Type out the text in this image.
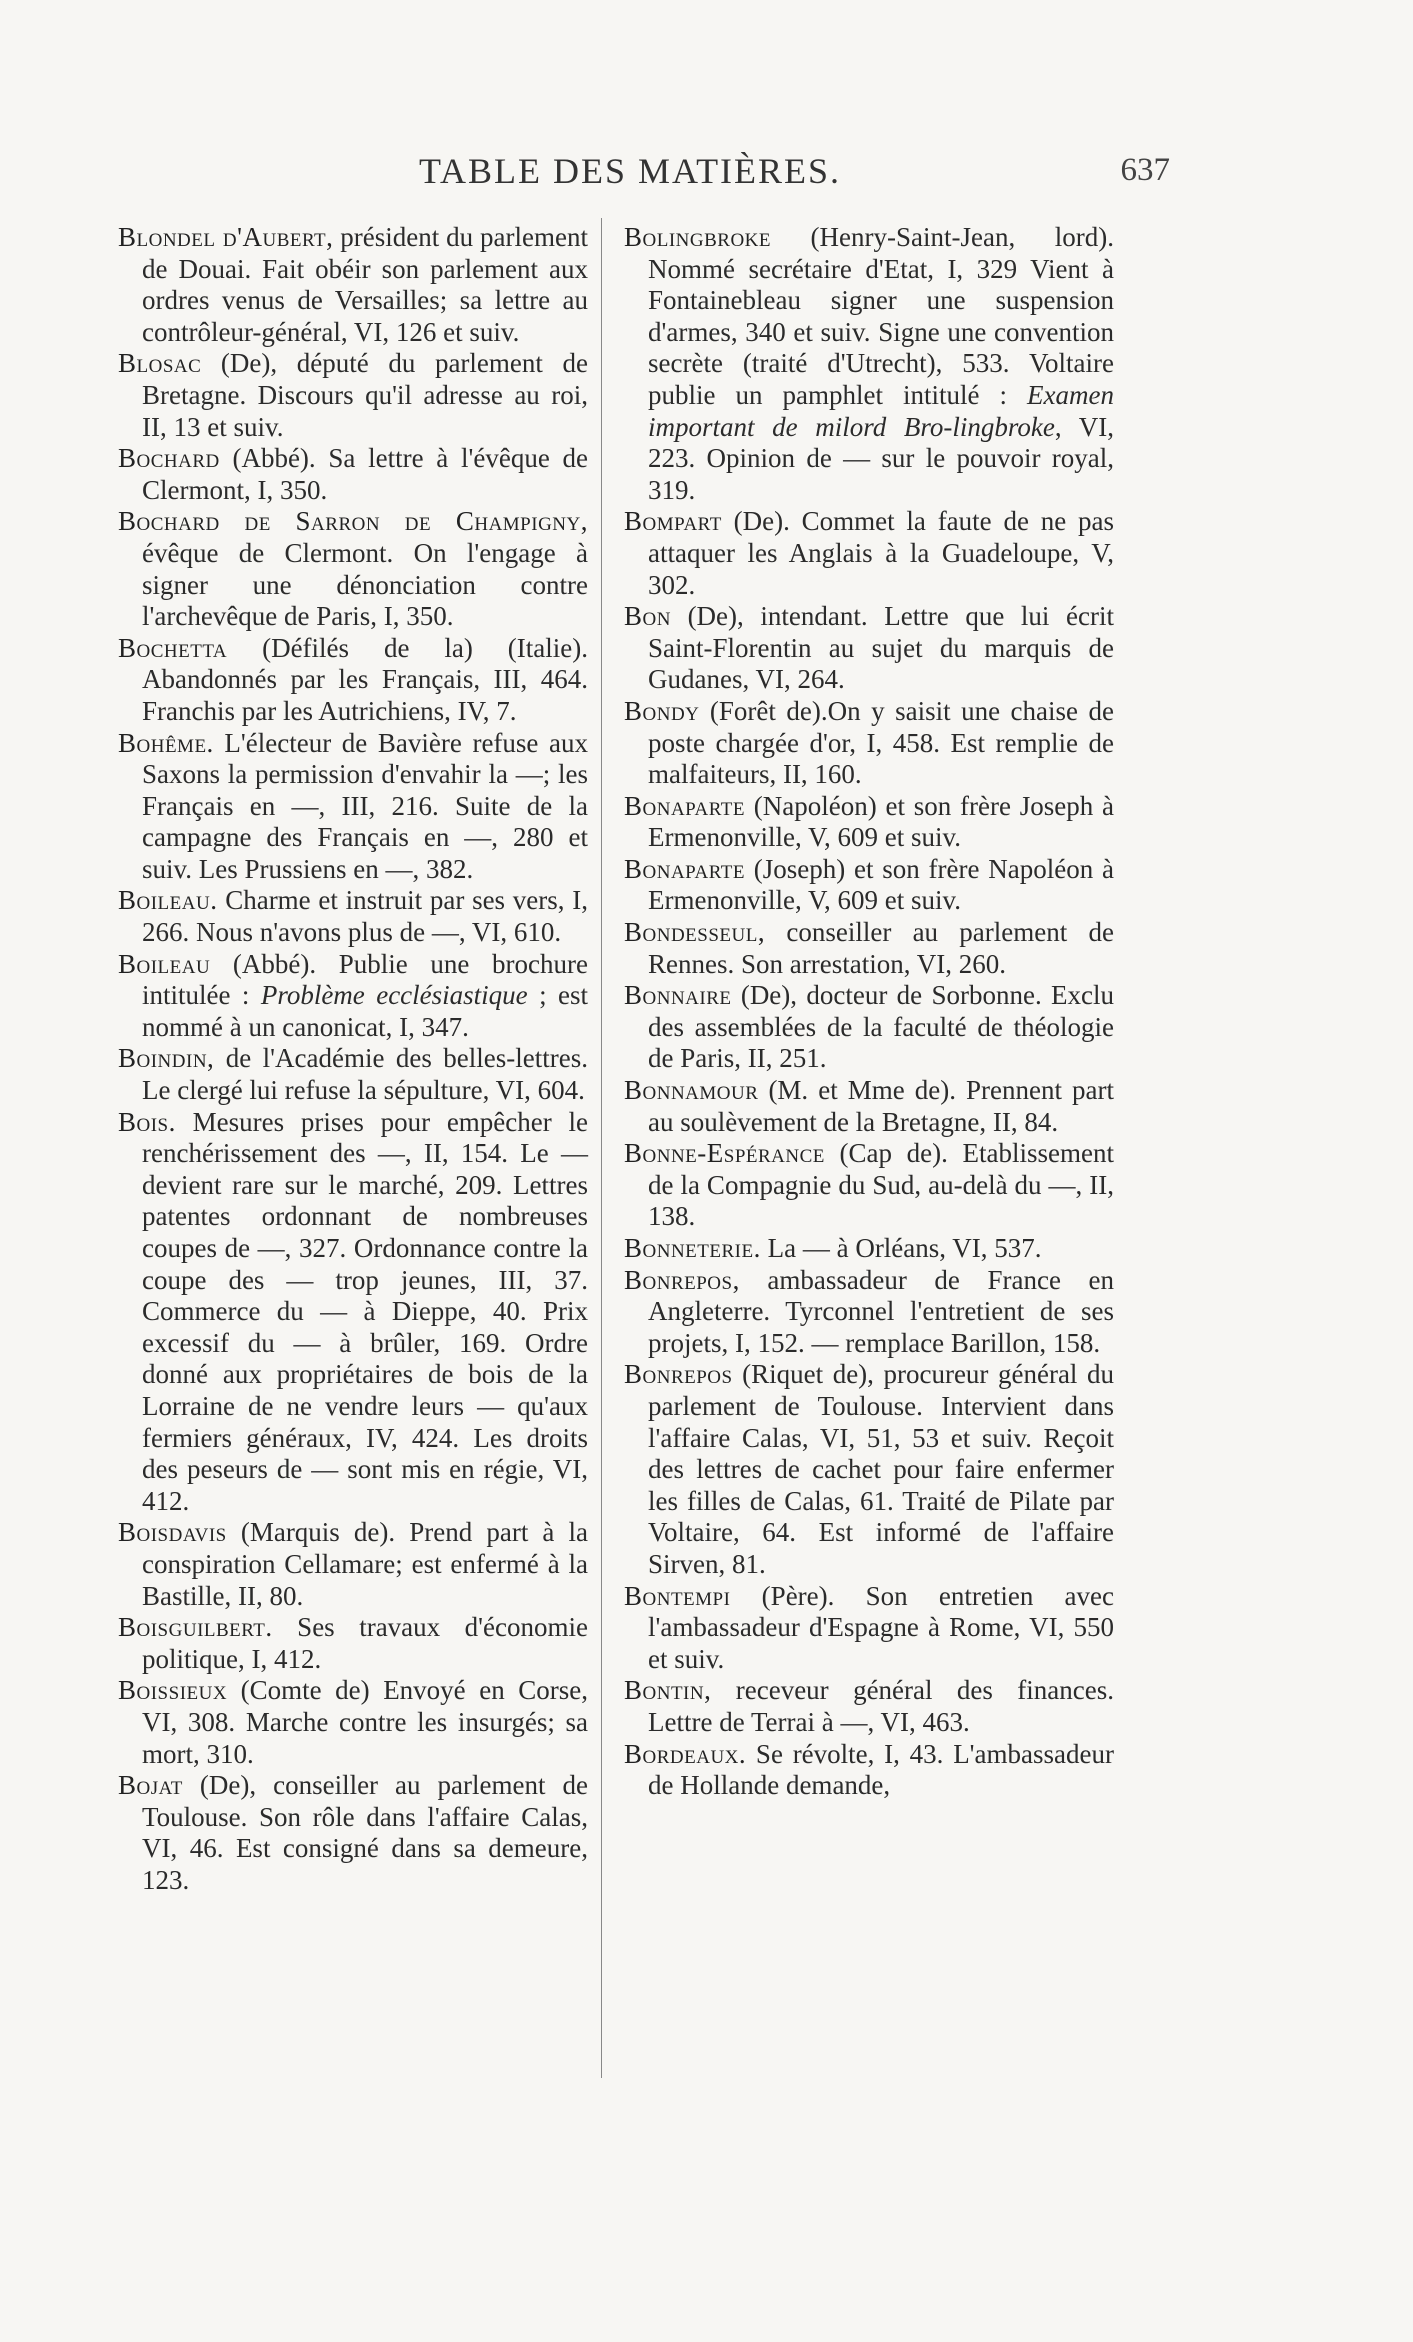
TABLE DES MATIÈRES.	637

Blondel d'Aubert, président du parlement de Douai. Fait obéir son parlement aux ordres venus de Versailles; sa lettre au contrôleur-général, VI, 126 et suiv.

Blosac (De), député du parlement de Bretagne. Discours qu'il adresse au roi, II, 13 et suiv.

Bochard (Abbé). Sa lettre à l'évêque de Clermont, I, 350.

Bochard de Sarron de Champigny, évêque de Clermont. On l'engage à signer une dénonciation contre l'archevêque de Paris, I, 350.

Bochetta (Défilés de la) (Italie). Abandonnés par les Français, III, 464. Franchis par les Autrichiens, IV, 7.

Bohême. L'électeur de Bavière refuse aux Saxons la permission d'envahir la —; les Français en —, III, 216. Suite de la campagne des Français en —, 280 et suiv. Les Prussiens en —, 382.

Boileau. Charme et instruit par ses vers, I, 266. Nous n'avons plus de —, VI, 610.

Boileau (Abbé). Publie une brochure intitulée : Problème ecclésiastique ; est nommé à un canonicat, I, 347.

Boindin, de l'Académie des belles-lettres. Le clergé lui refuse la sépulture, VI, 604.

Bois. Mesures prises pour empêcher le renchérissement des —, II, 154. Le — devient rare sur le marché, 209. Lettres patentes ordonnant de nombreuses coupes de —, 327. Ordonnance contre la coupe des — trop jeunes, III, 37. Commerce du — à Dieppe, 40. Prix excessif du — à brûler, 169. Ordre donné aux propriétaires de bois de la Lorraine de ne vendre leurs — qu'aux fermiers généraux, IV, 424. Les droits des peseurs de — sont mis en régie, VI, 412.

Boisdavis (Marquis de). Prend part à la conspiration Cellamare; est enfermé à la Bastille, II, 80.

Boisguilbert. Ses travaux d'économie politique, I, 412.

Boissieux (Comte de) Envoyé en Corse, VI, 308. Marche contre les insurgés; sa mort, 310.

Bojat (De), conseiller au parlement de Toulouse. Son rôle dans l'affaire Calas, VI, 46. Est consigné dans sa demeure, 123.

Bolingbroke (Henry-Saint-Jean, lord). Nommé secrétaire d'Etat, I, 329 Vient à Fontainebleau signer une suspension d'armes, 340 et suiv. Signe une convention secrète (traité d'Utrecht), 533. Voltaire publie un pamphlet intitulé : Examen important de milord Bro-lingbroke, VI, 223. Opinion de — sur le pouvoir royal, 319.

Bompart (De). Commet la faute de ne pas attaquer les Anglais à la Guadeloupe, V, 302.

Bon (De), intendant. Lettre que lui écrit Saint-Florentin au sujet du marquis de Gudanes, VI, 264.

Bondy (Forêt de).On y saisit une chaise de poste chargée d'or, I, 458. Est remplie de malfaiteurs, II, 160.

Bonaparte (Napoléon) et son frère Joseph à Ermenonville, V, 609 et suiv.

Bonaparte (Joseph) et son frère Napoléon à Ermenonville, V, 609 et suiv.

Bondesseul, conseiller au parlement de Rennes. Son arrestation, VI, 260.

Bonnaire (De), docteur de Sorbonne. Exclu des assemblées de la faculté de théologie de Paris, II, 251.

Bonnamour (M. et Mme de). Prennent part au soulèvement de la Bretagne, II, 84.

Bonne-Espérance (Cap de). Etablissement de la Compagnie du Sud, au-delà du —, II, 138.

Bonneterie. La — à Orléans, VI, 537.

Bonrepos, ambassadeur de France en Angleterre. Tyrconnel l'entretient de ses projets, I, 152. — remplace Barillon, 158.

Bonrepos (Riquet de), procureur général du parlement de Toulouse. Intervient dans l'affaire Calas, VI, 51, 53 et suiv. Reçoit des lettres de cachet pour faire enfermer les filles de Calas, 61. Traité de Pilate par Voltaire, 64. Est informé de l'affaire Sirven, 81.

Bontempi (Père). Son entretien avec l'ambassadeur d'Espagne à Rome, VI, 550 et suiv.

Bontin, receveur général des finances. Lettre de Terrai à —, VI, 463.

Bordeaux. Se révolte, I, 43. L'ambassadeur de Hollande demande,
